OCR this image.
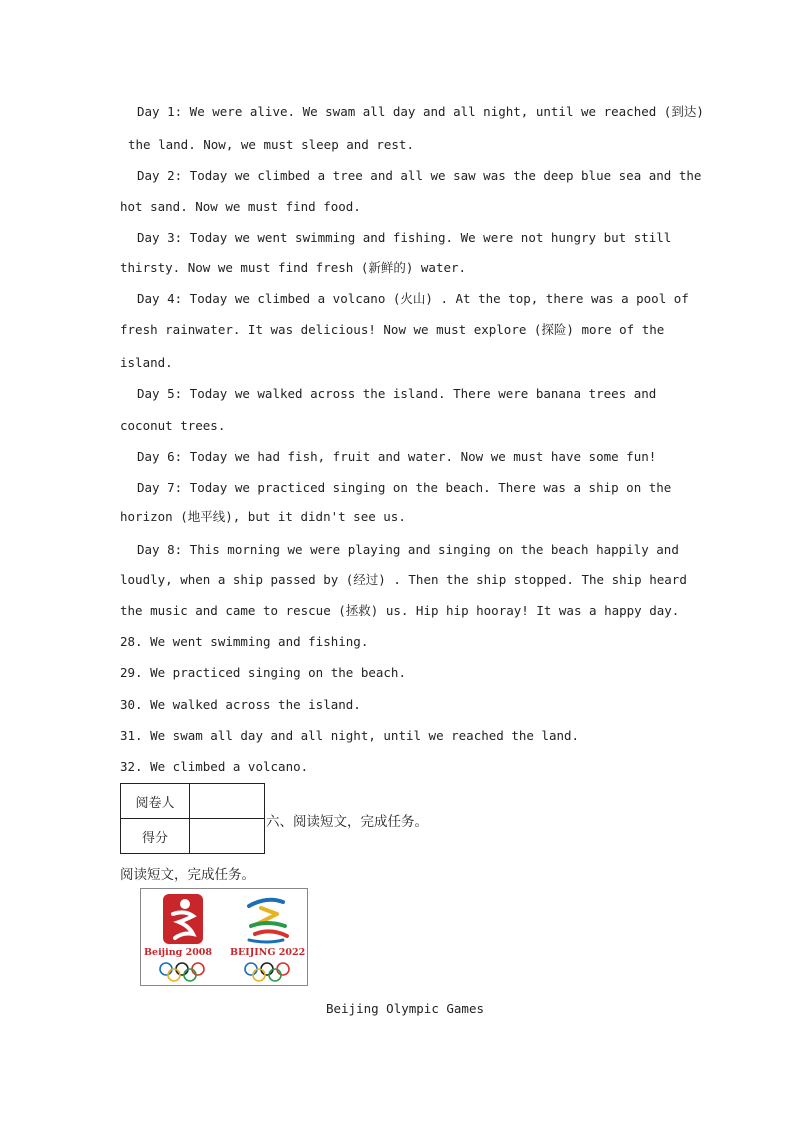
Day 1: We were alive. We swam all day and all night, until we reached (到达)
the land. Now, we must sleep and rest.
Day 2: Today we climbed a tree and all we saw was the deep blue sea and the
hot sand. Now we must find food.
Day 3: Today we went swimming and fishing. We were not hungry but still
thirsty. Now we must find fresh (新鲜的) water.
Day 4: Today we climbed a volcano (火山) . At the top, there was a pool of
fresh rainwater. It was delicious! Now we must explore (探险) more of the
island.
Day 5: Today we walked across the island. There were banana trees and
coconut trees.
Day 6: Today we had fish, fruit and water. Now we must have some fun!
Day 7: Today we practiced singing on the beach. There was a ship on the
horizon (地平线), but it didn't see us.
Day 8: This morning we were playing and singing on the beach happily and
loudly, when a ship passed by (经过) . Then the ship stopped. The ship heard
the music and came to rescue (拯救) us. Hip hip hooray! It was a happy day.
28. We went swimming and fishing.
29. We practiced singing on the beach.
30. We walked across the island.
31. We swam all day and all night, until we reached the land.
32. We climbed a volcano.
阅卷人	
得分	
六、阅读短文，完成任务。
阅读短文，完成任务。
Beijing 2008 BEIJING 2022
Beijing Olympic Games
